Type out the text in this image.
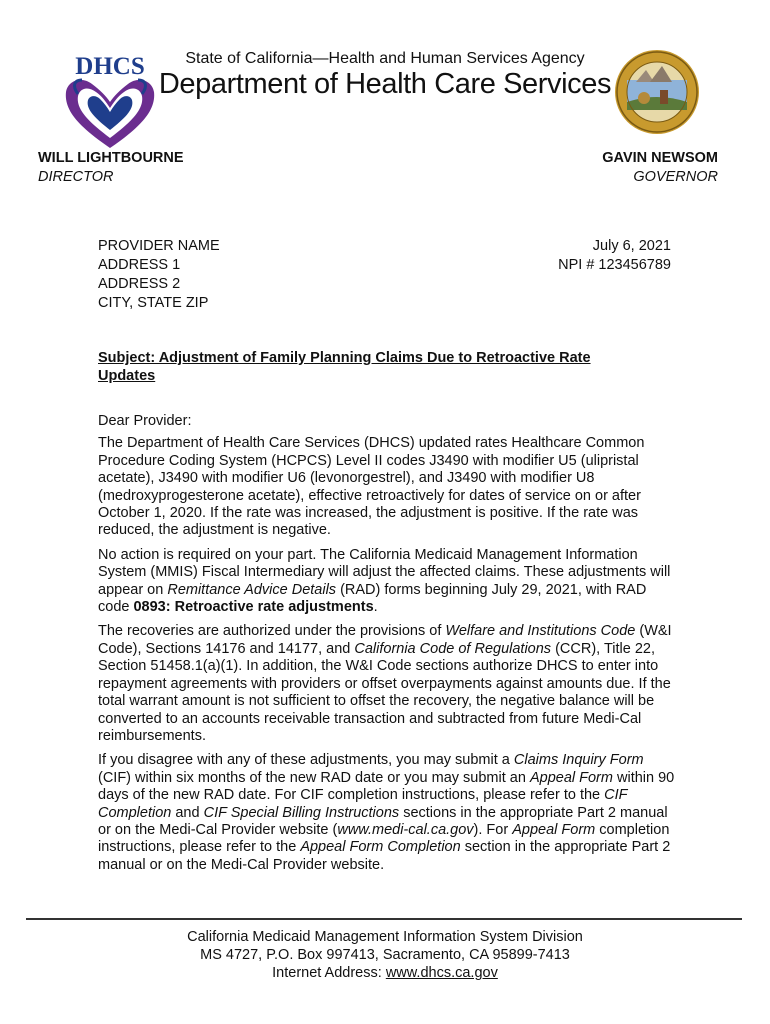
DHCS	State of California—Health and Human Services Agency
Department of Health Care Services
WILL LIGHTBOURNE
DIRECTOR
GAVIN NEWSOM
GOVERNOR
PROVIDER NAME
ADDRESS 1
ADDRESS 2
CITY, STATE ZIP
July 6, 2021
NPI # 123456789
Subject: Adjustment of Family Planning Claims Due to Retroactive Rate Updates

Dear Provider:

The Department of Health Care Services (DHCS) updated rates Healthcare Common Procedure Coding System (HCPCS) Level II codes J3490 with modifier U5 (ulipristal acetate), J3490 with modifier U6 (levonorgestrel), and J3490 with modifier U8 (medroxyprogesterone acetate), effective retroactively for dates of service on or after October 1, 2020. If the rate was increased, the adjustment is positive. If the rate was reduced, the adjustment is negative.

No action is required on your part. The California Medicaid Management Information System (MMIS) Fiscal Intermediary will adjust the affected claims. These adjustments will appear on Remittance Advice Details (RAD) forms beginning July 29, 2021, with RAD code 0893: Retroactive rate adjustments.

The recoveries are authorized under the provisions of Welfare and Institutions Code (W&I Code), Sections 14176 and 14177, and California Code of Regulations (CCR), Title 22, Section 51458.1(a)(1). In addition, the W&I Code sections authorize DHCS to enter into repayment agreements with providers or offset overpayments against amounts due. If the total warrant amount is not sufficient to offset the recovery, the negative balance will be converted to an accounts receivable transaction and subtracted from future Medi-Cal reimbursements.

If you disagree with any of these adjustments, you may submit a Claims Inquiry Form (CIF) within six months of the new RAD date or you may submit an Appeal Form within 90 days of the new RAD date. For CIF completion instructions, please refer to the CIF Completion and CIF Special Billing Instructions sections in the appropriate Part 2 manual or on the Medi-Cal Provider website (www.medi-cal.ca.gov). For Appeal Form completion instructions, please refer to the Appeal Form Completion section in the appropriate Part 2 manual or on the Medi-Cal Provider website.

California Medicaid Management Information System Division
MS 4727, P.O. Box 997413, Sacramento, CA 95899-7413
Internet Address: www.dhcs.ca.gov
